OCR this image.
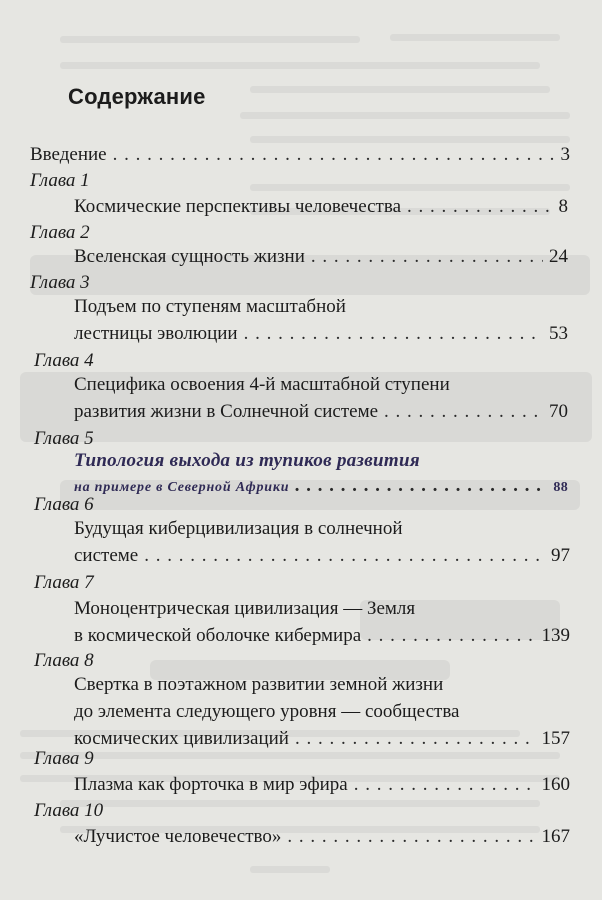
Содержание
Введение . . .	3
Глава 1
Космические перспективы человечества . . .	8
Глава 2
Вселенская сущность жизни . . .	24
Глава 3
Подъем по ступеням масштабной
лестницы эволюции . . .	53
Глава 4
Специфика освоения 4-й масштабной ступени
развития жизни в Солнечной системе . . .	70
Глава 5
Типология выхода из тупиков развития
на примере в Северной Африки . . .	88
Глава 6
Будущая киберцивилизация в солнечной
системе . . .	97
Глава 7
Моноцентрическая цивилизация — Земля
в космической оболочке кибермира . . .	139
Глава 8
Свертка в поэтажном развитии земной жизни
до элемента следующего уровня — сообщества
космических цивилизаций . . .	157
Глава 9
Плазма как форточка в мир эфира . . .	160
Глава 10
«Лучистое человечество» . . .	167
